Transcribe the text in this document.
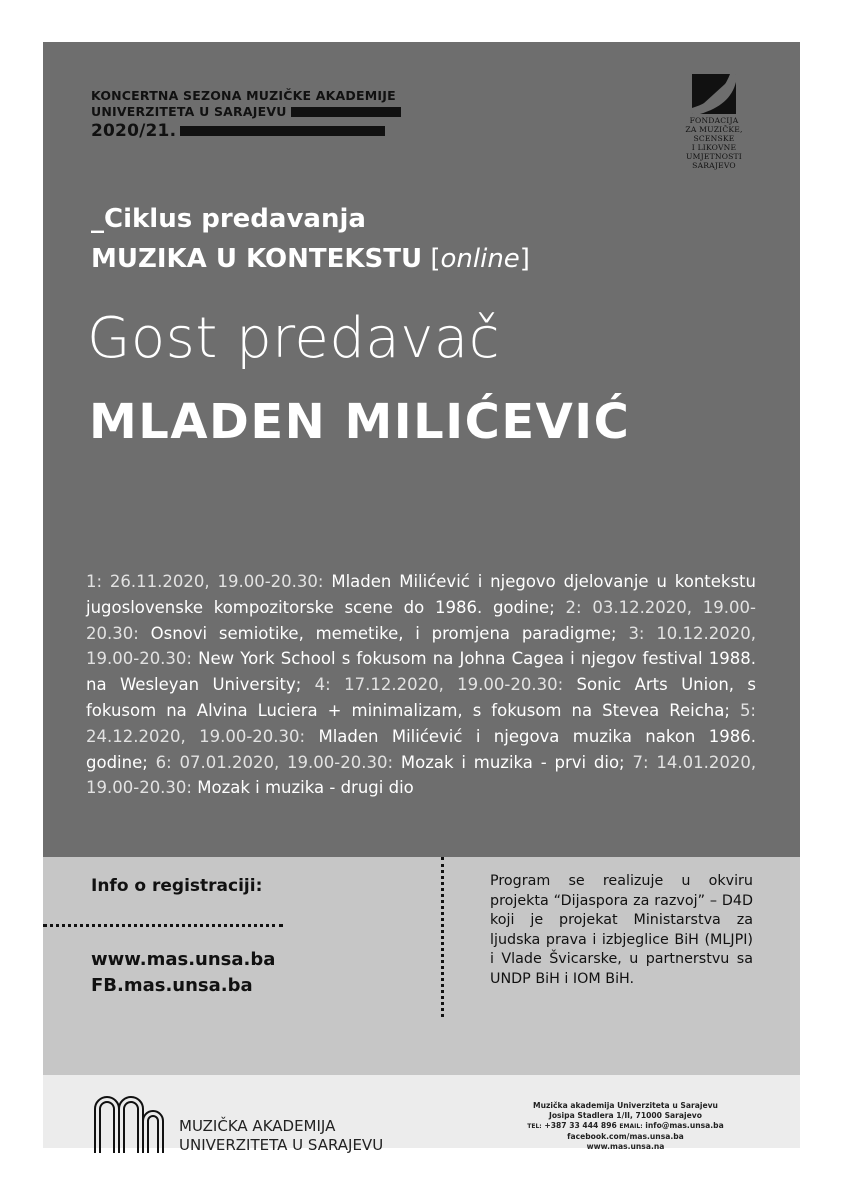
KONCERTNA SEZONA MUZIČKE AKADEMIJE
UNIVERZITETA U SARAJEVU
2020/21.
FONDACIJA
ZA MUZIČKE, SCENSKE
I LIKOVNE UMJETNOSTI
SARAJEVO
_Ciklus predavanja
MUZIKA U KONTEKSTU [online]
Gost predavač
MLADEN MILIĆEVIĆ
1: 26.11.2020, 19.00-20.30: Mladen Milićević i njegovo djelovanje u kontekstu jugoslovenske kompozitorske scene do 1986. godine; 2: 03.12.2020, 19.00-20.30: Osnovi semiotike, memetike, i promjena paradigme; 3: 10.12.2020, 19.00-20.30: New York School s fokusom na Johna Cagea i njegov festival 1988. na Wesleyan University; 4: 17.12.2020, 19.00-20.30: Sonic Arts Union, s fokusom na Alvina Luciera + minimalizam, s fokusom na Stevea Reicha; 5: 24.12.2020, 19.00-20.30: Mladen Milićević i njegova muzika nakon 1986. godine; 6: 07.01.2020, 19.00-20.30: Mozak i muzika - prvi dio; 7: 14.01.2020, 19.00-20.30: Mozak i muzika - drugi dio
Info o registraciji:
www.mas.unsa.ba
FB.mas.unsa.ba
Program se realizuje u okviru projekta “Dijaspora za razvoj” – D4D koji je projekat Ministarstva za ljudska prava i izbjeglice BiH (MLJPI) i Vlade Švicarske, u partnerstvu sa UNDP BiH i IOM BiH.
MUZIČKA AKADEMIJA
UNIVERZITETA U SARAJEVU
Muzička akademija Univerziteta u Sarajevu
Josipa Stadlera 1/II, 71000 Sarajevo
TEL: +387 33 444 896 EMAIL: info@mas.unsa.ba
facebook.com/mas.unsa.ba
www.mas.unsa.na
